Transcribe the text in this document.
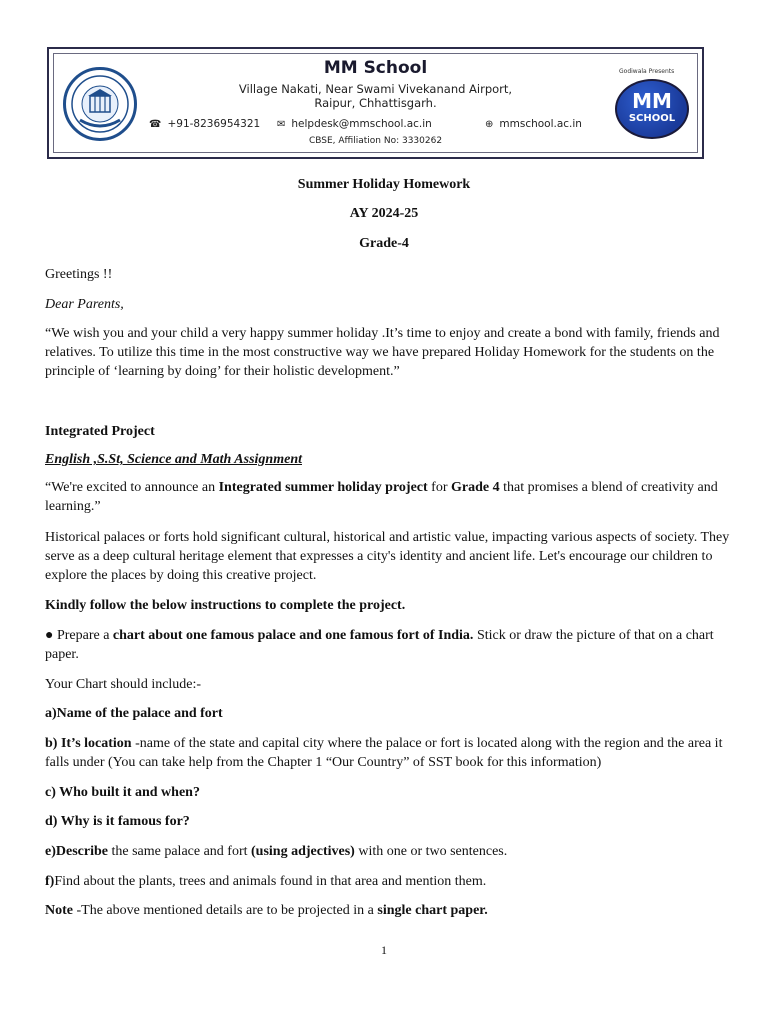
MM School
Village Nakati, Near Swami Vivekanand Airport,
Raipur, Chhattisgarh.
☎ +91-8236954321 ✉ helpdesk@mmschool.ac.in	⊕ mmschool.ac.in
CBSE, Affiliation No: 3330262
Godiwala Presents
MM
SCHOOL
Summer Holiday Homework
AY 2024-25
Grade-4
Greetings !!
Dear Parents,
“We wish you and your child a very happy summer holiday .It’s time to enjoy and create a bond with family, friends and relatives. To utilize this time in the most constructive way we have prepared Holiday Homework for the students on the principle of ‘learning by doing’ for their holistic development.”
Integrated Project
English ,S.St, Science and Math Assignment
“We're excited to announce an Integrated summer holiday project for Grade 4 that promises a blend of creativity and learning.”
Historical palaces or forts hold significant cultural, historical and artistic value, impacting various aspects of society. They serve as a deep cultural heritage element that expresses a city's identity and ancient life. Let's encourage our children to explore the places by doing this creative project.
Kindly follow the below instructions to complete the project.
● Prepare a chart about one famous palace and one famous fort of India. Stick or draw the picture of that on a chart paper.
Your Chart should include:-
a)Name of the palace and fort
b) It’s location -name of the state and capital city where the palace or fort is located along with the region and the area it falls under (You can take help from the Chapter 1 “Our Country” of SST book for this information)
c) Who built it and when?
d) Why is it famous for?
e)Describe the same palace and fort (using adjectives) with one or two sentences.
f)Find about the plants, trees and animals found in that area and mention them.
Note -The above mentioned details are to be projected in a single chart paper.
1
